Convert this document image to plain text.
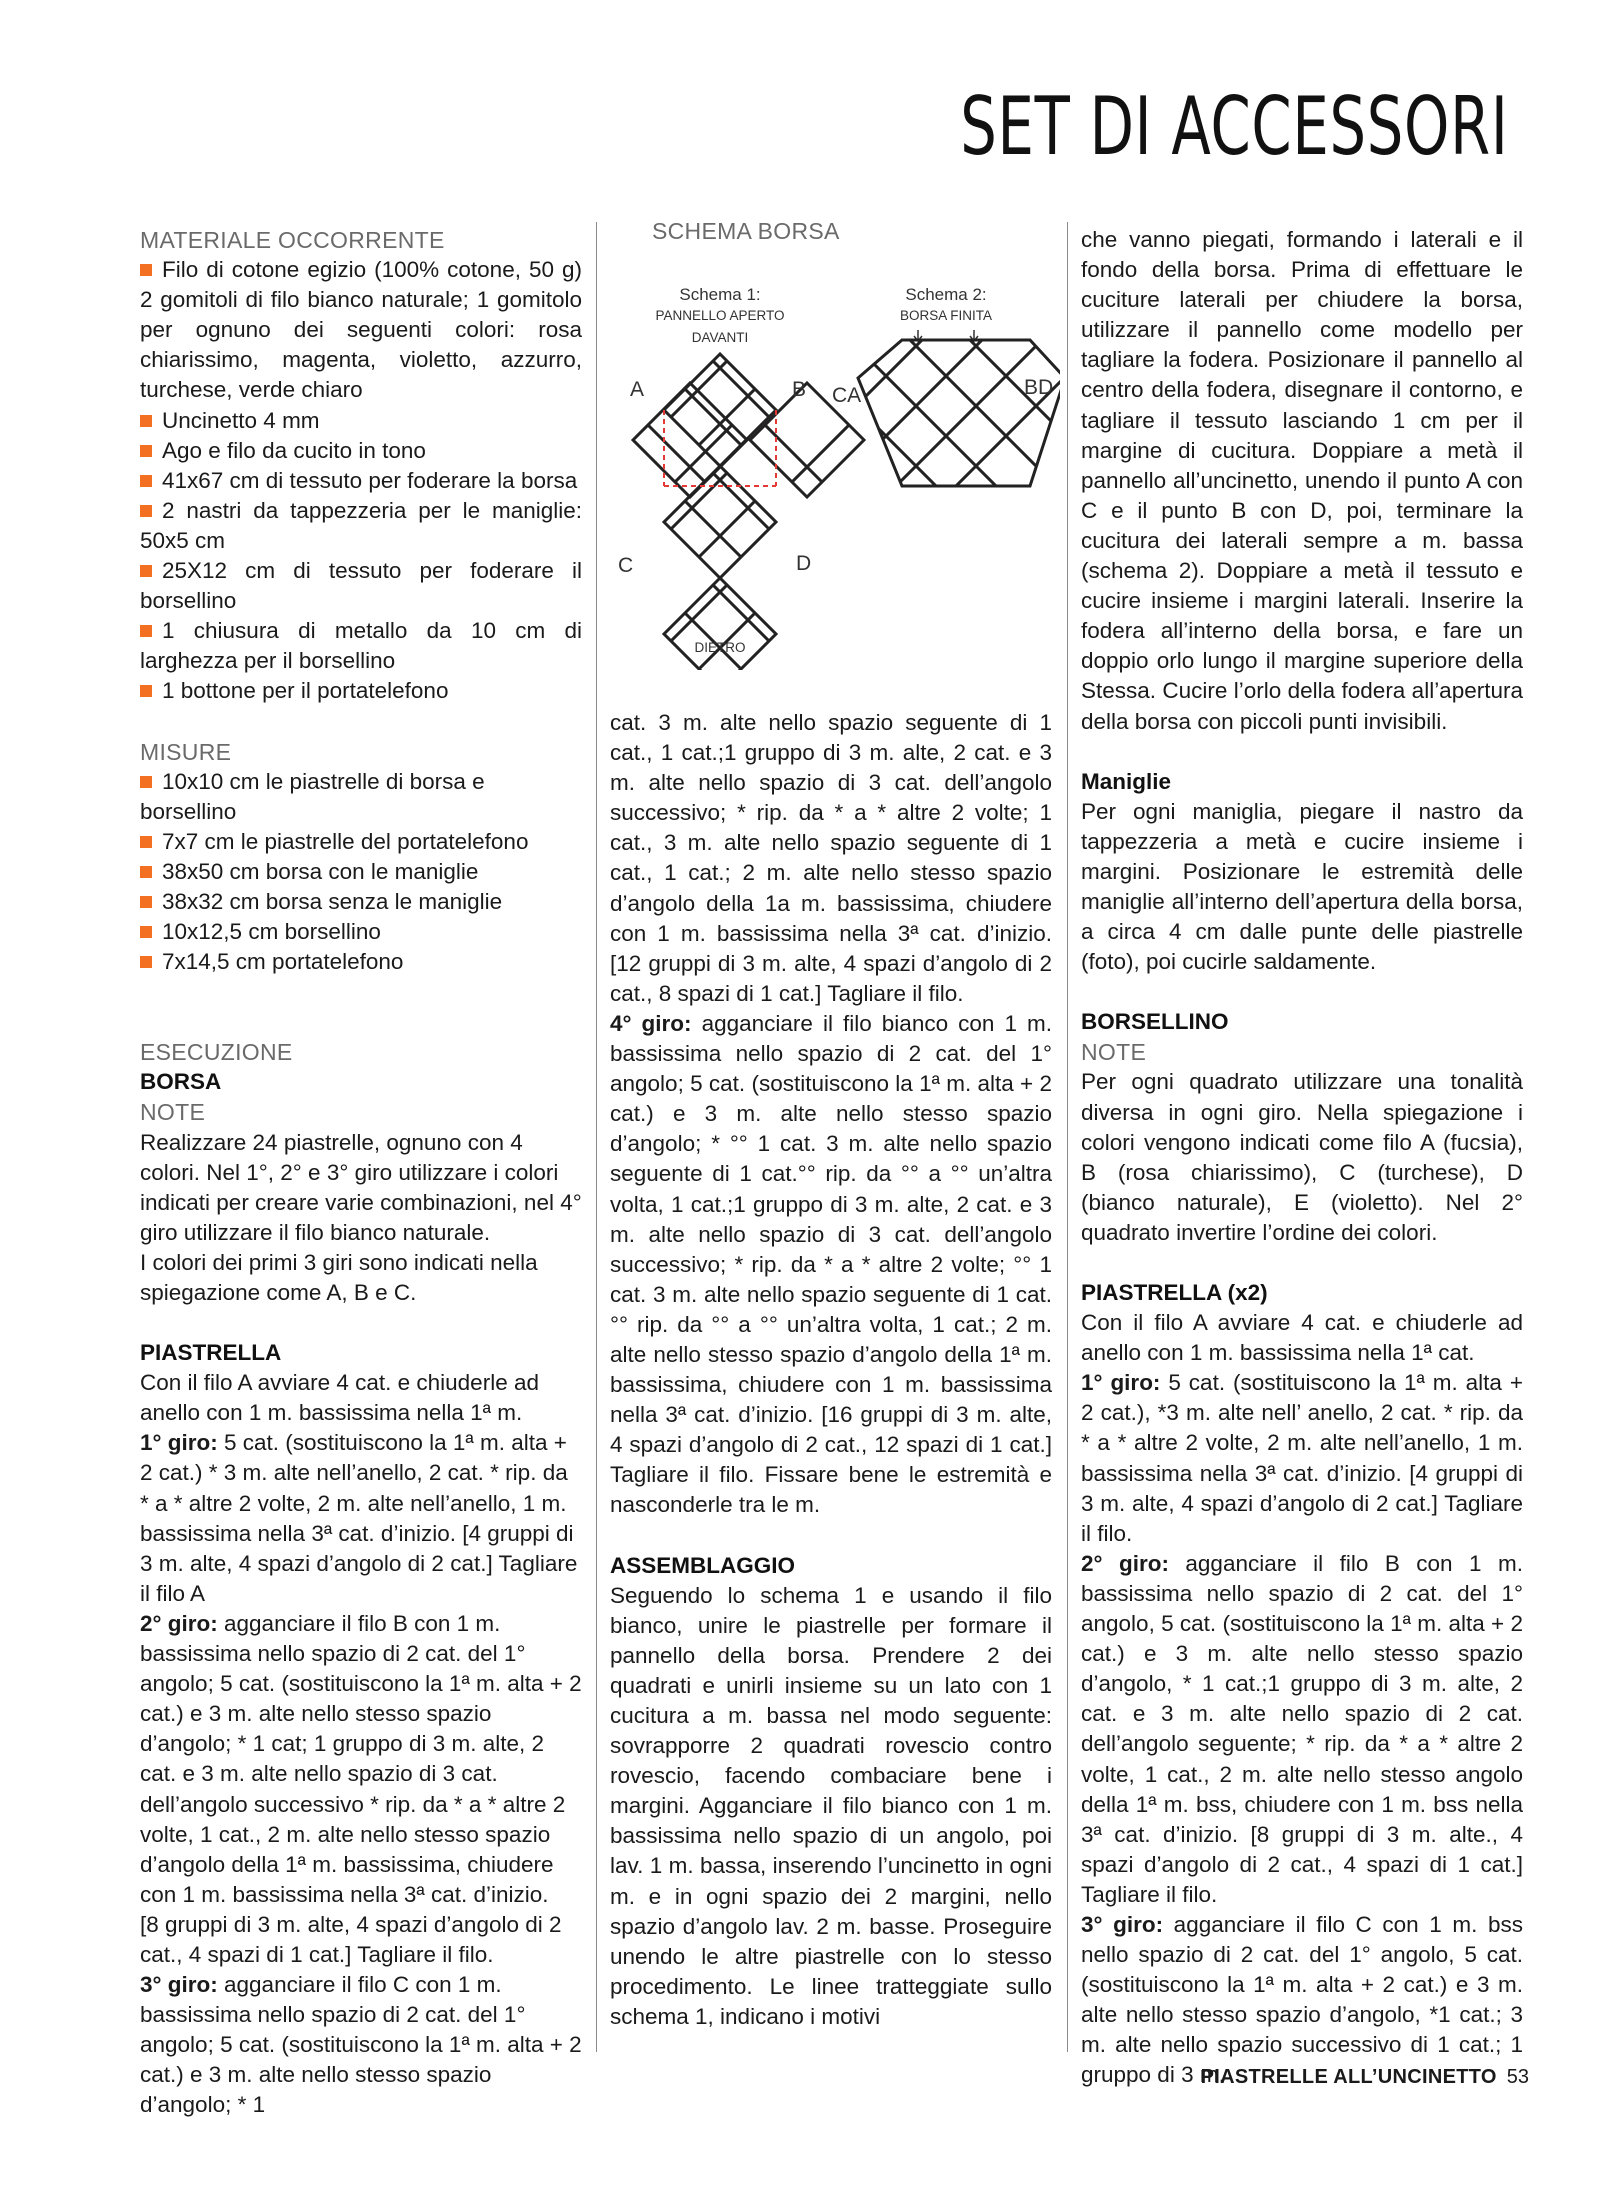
SET DI ACCESSORI

MATERIALE OCCORRENTE

Filo di cotone egizio (100% cotone, 50 g) 2 gomitoli di filo bianco naturale; 1 gomitolo per ognuno dei seguenti colori: rosa chiarissimo, magenta, violetto, azzurro, turchese, verde chiaro
Uncinetto 4 mm
Ago e filo da cucito in tono
41x67 cm di tessuto per foderare la borsa
2 nastri da tappezzeria per le maniglie: 50x5 cm
25X12 cm di tessuto per foderare il borsellino
1 chiusura di metallo da 10 cm di larghezza per il borsellino
1 bottone per il portatelefono

MISURE

10x10 cm le piastrelle di borsa e borsellino
7x7 cm le piastrelle del portatelefono
38x50 cm borsa con le maniglie
38x32 cm borsa senza le maniglie
10x12,5 cm borsellino
7x14,5 cm portatelefono

ESECUZIONE

BORSA

NOTE

Realizzare 24 piastrelle, ognuno con 4 colori. Nel 1°, 2° e 3° giro utilizzare i colori indicati per creare varie combinazioni, nel 4° giro utilizzare il filo bianco naturale.

I colori dei primi 3 giri sono indicati nella spiegazione come A, B e C.

PIASTRELLA

Con il filo A avviare 4 cat. e chiuderle ad anello con 1 m. bassissima nella 1ª m.

1° giro: 5 cat. (sostituiscono la 1ª m. alta + 2 cat.) * 3 m. alte nell’anello, 2 cat. * rip. da * a * altre 2 volte, 2 m. alte nell’anello, 1 m. bassissima nella 3ª cat. d’inizio. [4 gruppi di 3 m. alte, 4 spazi d’angolo di 2 cat.] Tagliare il filo A

2° giro: agganciare il filo B con 1 m. bassissima nello spazio di 2 cat. del 1° angolo; 5 cat. (sostituiscono la 1ª m. alta + 2 cat.) e 3 m. alte nello stesso spazio d’angolo; * 1 cat; 1 gruppo di 3 m. alte, 2 cat. e 3 m. alte nello spazio di 3 cat. dell’angolo successivo * rip. da * a * altre 2 volte, 1 cat., 2 m. alte nello stesso spazio d’angolo della 1ª m. bassissima, chiudere con 1 m. bassissima nella 3ª cat. d’inizio.

[8 gruppi di 3 m. alte, 4 spazi d’angolo di 2 cat., 4 spazi di 1 cat.] Tagliare il filo.

3° giro: agganciare il filo C con 1 m. bassissima nello spazio di 2 cat. del 1° angolo; 5 cat. (sostituiscono la 1ª m. alta + 2 cat.) e 3 m. alte nello stesso spazio d’angolo; * 1

SCHEMA BORSA
Schema 1:
PANNELLO APERTO
DAVANTI
A	B
C	D
DIETRO
Schema 2:
BORSA FINITA
CA	BD

cat. 3 m. alte nello spazio seguente di 1 cat., 1 cat.;1 gruppo di 3 m. alte, 2 cat. e 3 m. alte nello spazio di 3 cat. dell’angolo successivo; * rip. da * a * altre 2 volte; 1 cat., 3 m. alte nello spazio seguente di 1 cat., 1 cat.; 2 m. alte nello stesso spazio d’angolo della 1a m. bassissima, chiudere con 1 m. bassissima nella 3ª cat. d’inizio. [12 gruppi di 3 m. alte, 4 spazi d’angolo di 2 cat., 8 spazi di 1 cat.] Tagliare il filo.

4° giro: agganciare il filo bianco con 1 m. bassissima nello spazio di 2 cat. del 1° angolo; 5 cat. (sostituiscono la 1ª m. alta + 2 cat.) e 3 m. alte nello stesso spazio d’angolo; * °° 1 cat. 3 m. alte nello spazio seguente di 1 cat.°° rip. da °° a °° un’altra volta, 1 cat.;1 gruppo di 3 m. alte, 2 cat. e 3 m. alte nello spazio di 3 cat. dell’angolo successivo; * rip. da * a * altre 2 volte; °° 1 cat. 3 m. alte nello spazio seguente di 1 cat.°° rip. da °° a °° un’altra volta, 1 cat.; 2 m. alte nello stesso spazio d’angolo della 1ª m. bassissima, chiudere con 1 m. bassissima nella 3ª cat. d’inizio. [16 gruppi di 3 m. alte, 4 spazi d’angolo di 2 cat., 12 spazi di 1 cat.] Tagliare il filo. Fissare bene le estremità e nasconderle tra le m.

ASSEMBLAGGIO

Seguendo lo schema 1 e usando il filo bianco, unire le piastrelle per formare il pannello della borsa. Prendere 2 dei quadrati e unirli insieme su un lato con 1 cucitura a m. bassa nel modo seguente: sovrapporre 2 quadrati rovescio contro rovescio, facendo combaciare bene i margini. Agganciare il filo bianco con 1 m. bassissima nello spazio di un angolo, poi lav. 1 m. bassa, inserendo l’uncinetto in ogni m. e in ogni spazio dei 2 margini, nello spazio d’angolo lav. 2 m. basse. Proseguire unendo le altre piastrelle con lo stesso procedimento. Le linee tratteggiate sullo schema 1, indicano i motivi

che vanno piegati, formando i laterali e il fondo della borsa. Prima di effettuare le cuciture laterali per chiudere la borsa, utilizzare il pannello come modello per tagliare la fodera. Posizionare il pannello al centro della fodera, disegnare il contorno, e tagliare il tessuto lasciando 1 cm per il margine di cucitura. Doppiare a metà il pannello all’uncinetto, unendo il punto A con C e il punto B con D, poi, terminare la cucitura dei laterali sempre a m. bassa (schema 2). Doppiare a metà il tessuto e cucire insieme i margini laterali. Inserire la fodera all’interno della borsa, e fare un doppio orlo lungo il margine superiore della Stessa. Cucire l’orlo della fodera all’apertura della borsa con piccoli punti invisibili.

Maniglie

Per ogni maniglia, piegare il nastro da tappezzeria a metà e cucire insieme i margini. Posizionare le estremità delle maniglie all’interno dell’apertura della borsa, a circa 4 cm dalle punte delle piastrelle (foto), poi cucirle saldamente.

BORSELLINO

NOTE

Per ogni quadrato utilizzare una tonalità diversa in ogni giro. Nella spiegazione i colori vengono indicati come filo A (fucsia), B (rosa chiarissimo), C (turchese), D (bianco naturale), E (violetto). Nel 2° quadrato invertire l’ordine dei colori.

PIASTRELLA (x2)

Con il filo A avviare 4 cat. e chiuderle ad anello con 1 m. bassissima nella 1ª cat.

1° giro: 5 cat. (sostituiscono la 1ª m. alta + 2 cat.), *3 m. alte nell’ anello, 2 cat. * rip. da * a * altre 2 volte, 2 m. alte nell’anello, 1 m. bassissima nella 3ª cat. d’inizio. [4 gruppi di 3 m. alte, 4 spazi d’angolo di 2 cat.] Tagliare il filo.

2° giro: agganciare il filo B con 1 m. bassissima nello spazio di 2 cat. del 1° angolo, 5 cat. (sostituiscono la 1ª m. alta + 2 cat.) e 3 m. alte nello stesso spazio d’angolo, * 1 cat.;1 gruppo di 3 m. alte, 2 cat. e 3 m. alte nello spazio di 2 cat. dell’angolo seguente; * rip. da * a * altre 2 volte, 1 cat., 2 m. alte nello stesso angolo della 1ª m. bss, chiudere con 1 m. bss nella 3ª cat. d’inizio. [8 gruppi di 3 m. alte., 4 spazi d’angolo di 2 cat., 4 spazi di 1 cat.] Tagliare il filo.

3° giro: agganciare il filo C con 1 m. bss nello spazio di 2 cat. del 1° angolo, 5 cat. (sostituiscono la 1ª m. alta + 2 cat.) e 3 m. alte nello stesso spazio d’angolo, *1 cat.; 3 m. alte nello spazio successivo di 1 cat.; 1 gruppo di 3 m.

PIASTRELLE ALL’UNCINETTO 53
